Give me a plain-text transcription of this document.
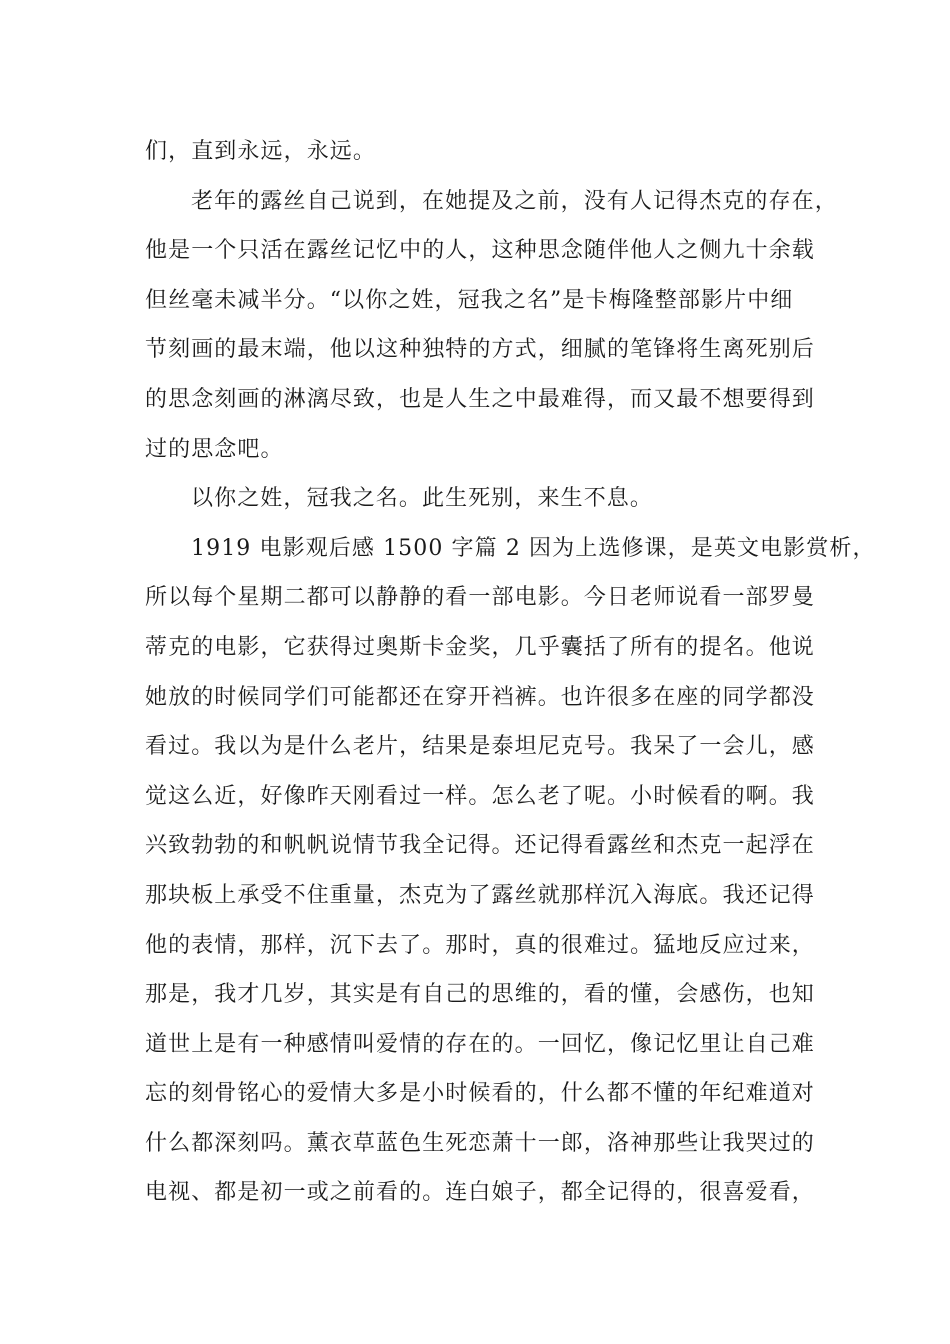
们，直到永远，永远。
老年的露丝自己说到，在她提及之前，没有人记得杰克的存在，
他是一个只活在露丝记忆中的人，这种思念随伴他人之侧九十余载
但丝毫未减半分。“以你之姓，冠我之名”是卡梅隆整部影片中细
节刻画的最末端，他以这种独特的方式，细腻的笔锋将生离死别后
的思念刻画的淋漓尽致，也是人生之中最难得，而又最不想要得到
过的思念吧。
以你之姓，冠我之名。此生死别，来生不息。
1919 电影观后感 1500 字篇 2 因为上选修课，是英文电影赏析，
所以每个星期二都可以静静的看一部电影。今日老师说看一部罗曼
蒂克的电影，它获得过奥斯卡金奖，几乎囊括了所有的提名。他说
她放的时候同学们可能都还在穿开裆裤。也许很多在座的同学都没
看过。我以为是什么老片，结果是泰坦尼克号。我呆了一会儿，感
觉这么近，好像昨天刚看过一样。怎么老了呢。小时候看的啊。我
兴致勃勃的和帆帆说情节我全记得。还记得看露丝和杰克一起浮在
那块板上承受不住重量，杰克为了露丝就那样沉入海底。我还记得
他的表情，那样，沉下去了。那时，真的很难过。猛地反应过来，
那是，我才几岁，其实是有自己的思维的，看的懂，会感伤，也知
道世上是有一种感情叫爱情的存在的。一回忆，像记忆里让自己难
忘的刻骨铭心的爱情大多是小时候看的，什么都不懂的年纪难道对
什么都深刻吗。薰衣草蓝色生死恋萧十一郎，洛神那些让我哭过的
电视、都是初一或之前看的。连白娘子，都全记得的，很喜爱看，
